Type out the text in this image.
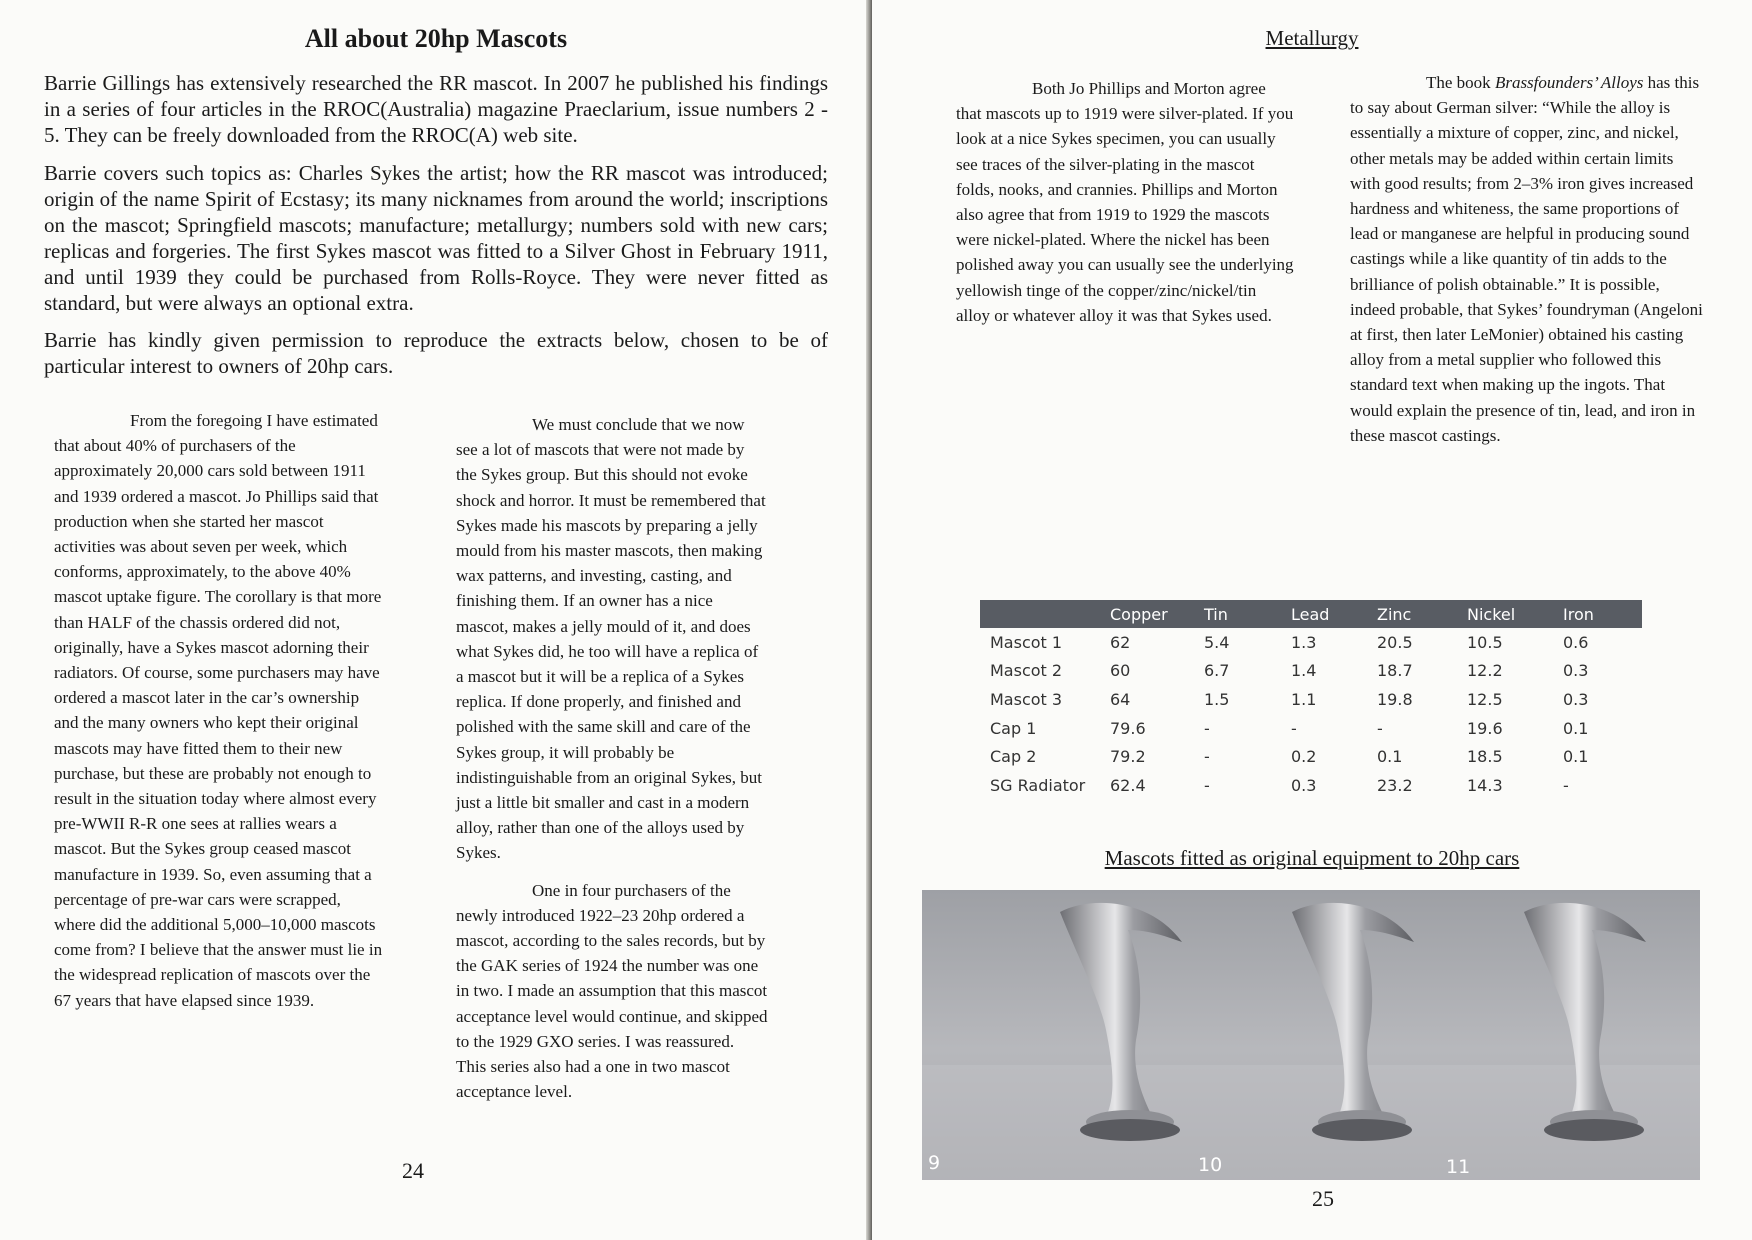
All about 20hp Mascots

Barrie Gillings has extensively researched the RR mascot. In 2007 he published his findings in a series of four articles in the RROC(Australia) magazine Praeclarium, issue numbers 2 - 5. They can be freely downloaded from the RROC(A) web site.

Barrie covers such topics as: Charles Sykes the artist; how the RR mascot was introduced; origin of the name Spirit of Ecstasy; its many nicknames from around the world; inscriptions on the mascot; Springfield mascots; manufacture; metallurgy; numbers sold with new cars; replicas and forgeries. The first Sykes mascot was fitted to a Silver Ghost in February 1911, and until 1939 they could be purchased from Rolls-Royce. They were never fitted as standard, but were always an optional extra.

Barrie has kindly given permission to reproduce the extracts below, chosen to be of particular interest to owners of 20hp cars.

From the foregoing I have estimated that about 40% of purchasers of the approximately 20,000 cars sold between 1911 and 1939 ordered a mascot. Jo Phillips said that production when she started her mascot activities was about seven per week, which conforms, approximately, to the above 40% mascot uptake figure. The corollary is that more than HALF of the chassis ordered did not, originally, have a Sykes mascot adorning their radiators. Of course, some purchasers may have ordered a mascot later in the car’s ownership and the many owners who kept their original mascots may have fitted them to their new purchase, but these are probably not enough to result in the situation today where almost every pre-WWII R-R one sees at rallies wears a mascot. But the Sykes group ceased mascot manufacture in 1939. So, even assuming that a percentage of pre-war cars were scrapped, where did the additional 5,000–10,000 mascots come from? I believe that the answer must lie in the widespread replication of mascots over the 67 years that have elapsed since 1939.

We must conclude that we now see a lot of mascots that were not made by the Sykes group. But this should not evoke shock and horror. It must be remembered that Sykes made his mascots by preparing a jelly mould from his master mascots, then making wax patterns, and investing, casting, and finishing them. If an owner has a nice mascot, makes a jelly mould of it, and does what Sykes did, he too will have a replica of a mascot but it will be a replica of a Sykes replica. If done properly, and finished and polished with the same skill and care of the Sykes group, it will probably be indistinguishable from an original Sykes, but just a little bit smaller and cast in a modern alloy, rather than one of the alloys used by Sykes.

One in four purchasers of the newly introduced 1922–23 20hp ordered a mascot, according to the sales records, but by the GAK series of 1924 the number was one in two. I made an assumption that this mascot acceptance level would continue, and skipped to the 1929 GXO series. I was reassured. This series also had a one in two mascot acceptance level.

24
Metallurgy

Both Jo Phillips and Morton agree that mascots up to 1919 were silver-plated. If you look at a nice Sykes specimen, you can usually see traces of the silver-plating in the mascot folds, nooks, and crannies. Phillips and Morton also agree that from 1919 to 1929 the mascots were nickel-plated. Where the nickel has been polished away you can usually see the underlying yellowish tinge of the copper/zinc/nickel/tin alloy or whatever alloy it was that Sykes used.

The book Brassfounders’ Alloys has this to say about German silver: “While the alloy is essentially a mixture of copper, zinc, and nickel, other metals may be added within certain limits with good results; from 2–3% iron gives increased hardness and whiteness, the same proportions of lead or manganese are helpful in producing sound castings while a like quantity of tin adds to the brilliance of polish obtainable.” It is possible, indeed probable, that Sykes’ foundryman (Angeloni at first, then later LeMonier) obtained his casting alloy from a metal supplier who followed this standard text when making up the ingots. That would explain the presence of tin, lead, and iron in these mascot castings.

	Copper	Tin	Lead	Zinc	Nickel	Iron
Mascot 1	62	5.4	1.3	20.5	10.5	0.6
Mascot 2	60	6.7	1.4	18.7	12.2	0.3
Mascot 3	64	1.5	1.1	19.8	12.5	0.3
Cap 1	79.6	-	-	-	19.6	0.1
Cap 2	79.2	-	0.2	0.1	18.5	0.1
SG Radiator	62.4	-	0.3	23.2	14.3	-
Mascots fitted as original equipment to 20hp cars
9	10	11
25
